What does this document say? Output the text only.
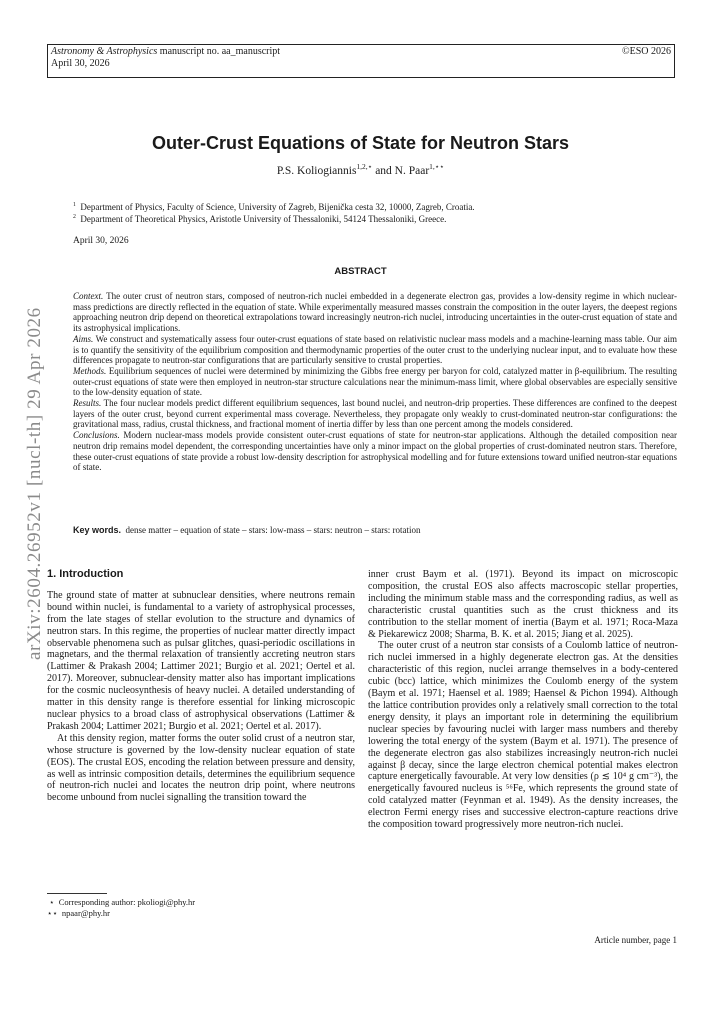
Astronomy & Astrophysics manuscript no. aa_manuscript
April 30, 2026
©ESO 2026
arXiv:2604.26952v1 [nucl-th] 29 Apr 2026
Outer-Crust Equations of State for Neutron Stars
P.S. Koliogiannis$^{1,2,⋆}$ and N. Paar$^{1,⋆⋆}$
$^1$ Department of Physics, Faculty of Science, University of Zagreb, Bijenička cesta 32, 10000, Zagreb, Croatia.
$^2$ Department of Theoretical Physics, Aristotle University of Thessaloniki, 54124 Thessaloniki, Greece.
April 30, 2026
ABSTRACT

Context. The outer crust of neutron stars, composed of neutron-rich nuclei embedded in a degenerate electron gas, provides a low-density regime in which nuclear-mass predictions are directly reflected in the equation of state. While experimentally measured masses constrain the composition in the outer layers, the deepest regions approaching neutron drip depend on theoretical extrapolations toward increasingly neutron-rich nuclei, introducing uncertainties in the outer-crust equation of state and its astrophysical implications.

Aims. We construct and systematically assess four outer-crust equations of state based on relativistic nuclear mass models and a machine-learning mass table. Our aim is to quantify the sensitivity of the equilibrium composition and thermodynamic properties of the outer crust to the underlying nuclear input, and to evaluate how these differences propagate to neutron-star configurations that are particularly sensitive to crustal properties.

Methods. Equilibrium sequences of nuclei were determined by minimizing the Gibbs free energy per baryon for cold, catalyzed matter in β-equilibrium. The resulting outer-crust equations of state were then employed in neutron-star structure calculations near the minimum-mass limit, where global observables are especially sensitive to the low-density equation of state.

Results. The four nuclear models predict different equilibrium sequences, last bound nuclei, and neutron-drip properties. These differences are confined to the deepest layers of the outer crust, beyond current experimental mass coverage. Nevertheless, they propagate only weakly to crust-dominated neutron-star configurations: the gravitational mass, radius, crustal thickness, and fractional moment of inertia differ by less than one percent among the models considered.

Conclusions. Modern nuclear-mass models provide consistent outer-crust equations of state for neutron-star applications. Although the detailed composition near neutron drip remains model dependent, the corresponding uncertainties have only a minor impact on the global properties of crust-dominated neutron stars. Therefore, these outer-crust equations of state provide a robust low-density description for astrophysical modelling and for future extensions toward unified neutron-star equations of state.

Key words. dense matter – equation of state – stars: low-mass – stars: neutron – stars: rotation
1. Introduction

The ground state of matter at subnuclear densities, where neutrons remain bound within nuclei, is fundamental to a variety of astrophysical processes, from the late stages of stellar evolution to the structure and dynamics of neutron stars. In this regime, the properties of nuclear matter directly impact observable phenomena such as pulsar glitches, quasi-periodic oscillations in magnetars, and the thermal relaxation of transiently accreting neutron stars (Lattimer & Prakash 2004; Lattimer 2021; Burgio et al. 2021; Oertel et al. 2017). Moreover, subnuclear-density matter also has important implications for the cosmic nucleosynthesis of heavy nuclei. A detailed understanding of matter in this density range is therefore essential for linking microscopic nuclear physics to a broad class of astrophysical observations (Lattimer & Prakash 2004; Lattimer 2021; Burgio et al. 2021; Oertel et al. 2017).

At this density region, matter forms the outer solid crust of a neutron star, whose structure is governed by the low-density nuclear equation of state (EOS). The crustal EOS, encoding the relation between pressure and density, as well as intrinsic composition details, determines the equilibrium sequence of neutron-rich nuclei and locates the neutron drip point, where neutrons become unbound from nuclei signalling the transition toward the

inner crust Baym et al. (1971). Beyond its impact on microscopic composition, the crustal EOS also affects macroscopic stellar properties, including the minimum stable mass and the corresponding radius, as well as characteristic crustal quantities such as the crust thickness and its contribution to the stellar moment of inertia (Baym et al. 1971; Roca-Maza & Piekarewicz 2008; Sharma, B. K. et al. 2015; Jiang et al. 2025).

The outer crust of a neutron star consists of a Coulomb lattice of neutron-rich nuclei immersed in a highly degenerate electron gas. At the densities characteristic of this region, nuclei arrange themselves in a body-centered cubic (bcc) lattice, which minimizes the Coulomb energy of the system (Baym et al. 1971; Haensel et al. 1989; Haensel & Pichon 1994). Although the lattice contribution provides only a relatively small correction to the total energy density, it plays an important role in determining the equilibrium nuclear species by favouring nuclei with larger mass numbers and thereby lowering the total energy of the system (Baym et al. 1971). The presence of the degenerate electron gas also stabilizes increasingly neutron-rich nuclei against β decay, since the large electron chemical potential makes electron capture energetically favourable. At very low densities (ρ ≲ 10⁴ g cm⁻³), the energetically favoured nucleus is ⁵⁶Fe, which represents the ground state of cold catalyzed matter (Feynman et al. 1949). As the density increases, the electron Fermi energy rises and successive electron-capture reactions drive the composition toward progressively more neutron-rich nuclei.

⋆ Corresponding author: pkoliogi@phy.hr
⋆⋆ npaar@phy.hr
Article number, page 1
